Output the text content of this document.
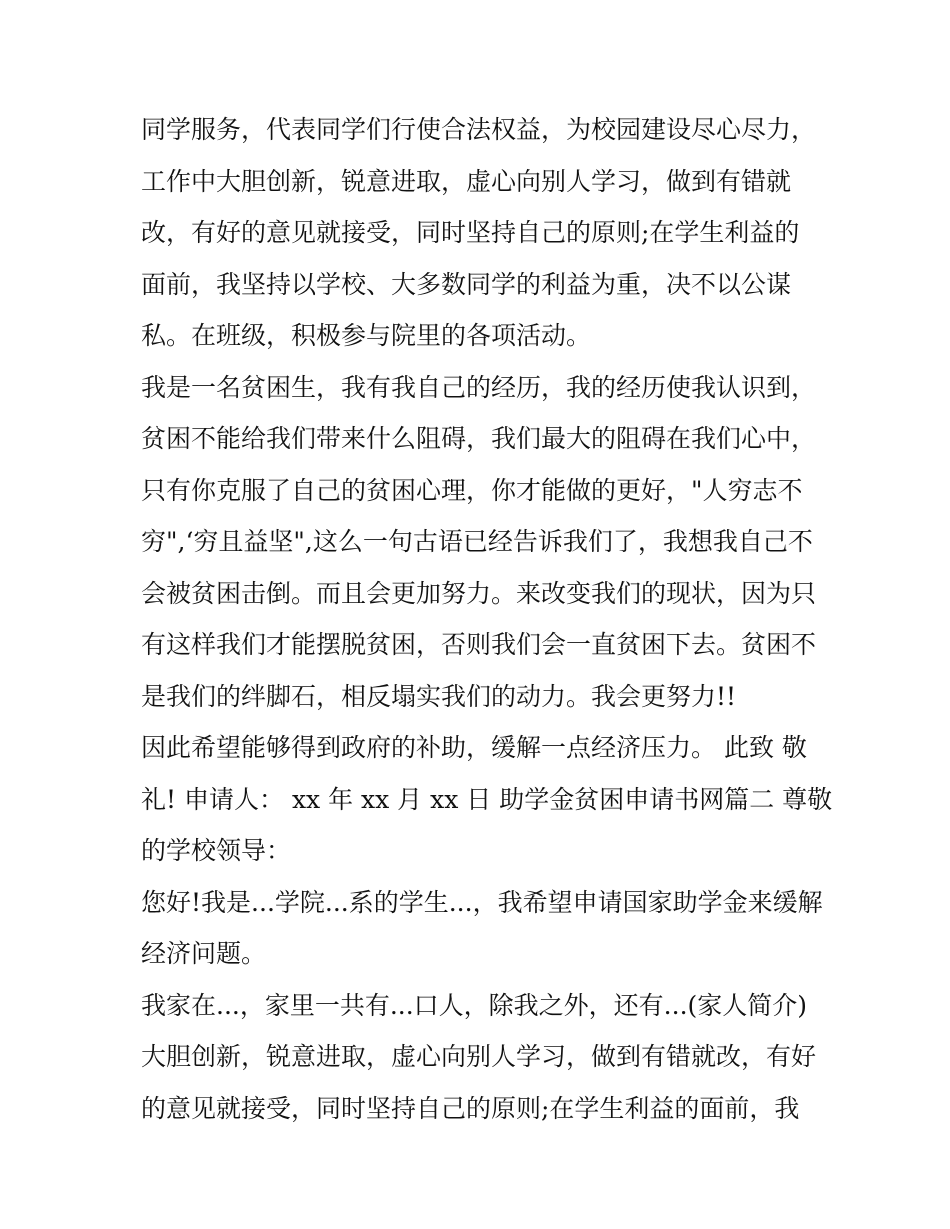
同学服务，代表同学们行使合法权益，为校园建设尽心尽力，
工作中大胆创新，锐意进取，虚心向别人学习，做到有错就
改，有好的意见就接受，同时坚持自己的原则;在学生利益的
面前，我坚持以学校、大多数同学的利益为重，决不以公谋
私。在班级，积极参与院里的各项活动。
我是一名贫困生，我有我自己的经历，我的经历使我认识到，
贫困不能给我们带来什么阻碍，我们最大的阻碍在我们心中，
只有你克服了自己的贫困心理，你才能做的更好，"人穷志不
穷",‘穷且益坚",这么一句古语已经告诉我们了，我想我自己不
会被贫困击倒。而且会更加努力。来改变我们的现状，因为只
有这样我们才能摆脱贫困，否则我们会一直贫困下去。贫困不
是我们的绊脚石，相反塌实我们的动力。我会更努力!!
因此希望能够得到政府的补助，缓解一点经济压力。 此致 敬
礼! 申请人： xx 年 xx 月 xx 日 助学金贫困申请书网篇二 尊敬
的学校领导：
您好!我是...学院...系的学生...，我希望申请国家助学金来缓解
经济问题。
我家在...，家里一共有...口人，除我之外，还有...(家人简介)
大胆创新，锐意进取，虚心向别人学习，做到有错就改，有好
的意见就接受，同时坚持自己的原则;在学生利益的面前，我
